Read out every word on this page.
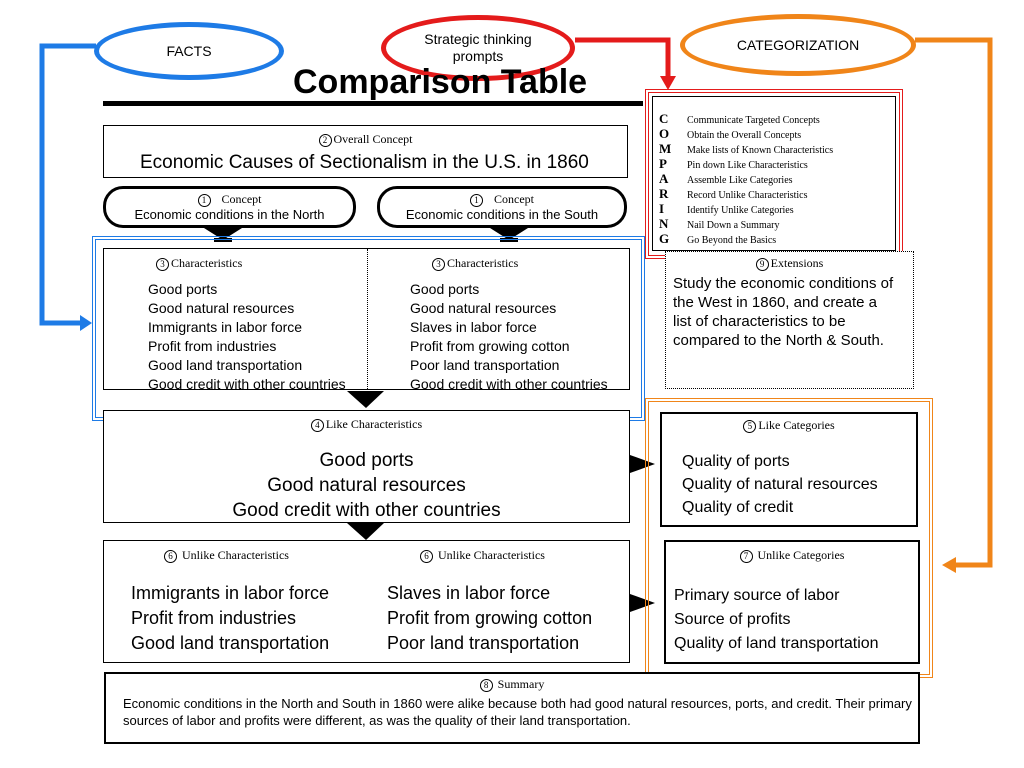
FACTS
Strategic thinking prompts
CATEGORIZATION
Comparison Table
2 Overall Concept
Economic Causes of Sectionalism in the U.S. in 1860
1 Concept
Economic conditions in the North
1 Concept
Economic conditions in the South
3 Characteristics
Good ports
Good natural resources
Immigrants in labor force
Profit from industries
Good land transportation
Good credit with other countries
3 Characteristics
Good ports
Good natural resources
Slaves in labor force
Profit from growing cotton
Poor land transportation
Good credit with other countries
4 Like Characteristics
Good ports
Good natural resources
Good credit with other countries
6 Unlike Characteristics
Immigrants in labor force
Profit from industries
Good land transportation
6 Unlike Characteristics
Slaves in labor force
Profit from growing cotton
Poor land transportation
C Communicate Targeted Concepts
O Obtain the Overall Concepts
M Make lists of Known Characteristics
P Pin down Like Characteristics
A Assemble Like Categories
R Record Unlike Characteristics
I Identify Unlike Categories
N Nail Down a Summary
G Go Beyond the Basics
9 Extensions
Study the economic conditions of the West in 1860, and create a list of characteristics to be compared to the North & South.
5 Like Categories
Quality of ports
Quality of natural resources
Quality of credit
7 Unlike Categories
Primary source of labor
Source of profits
Quality of land transportation
8 Summary
Economic conditions in the North and South in 1860 were alike because both had good natural resources, ports, and credit. Their primary sources of labor and profits were different, as was the quality of their land transportation.
